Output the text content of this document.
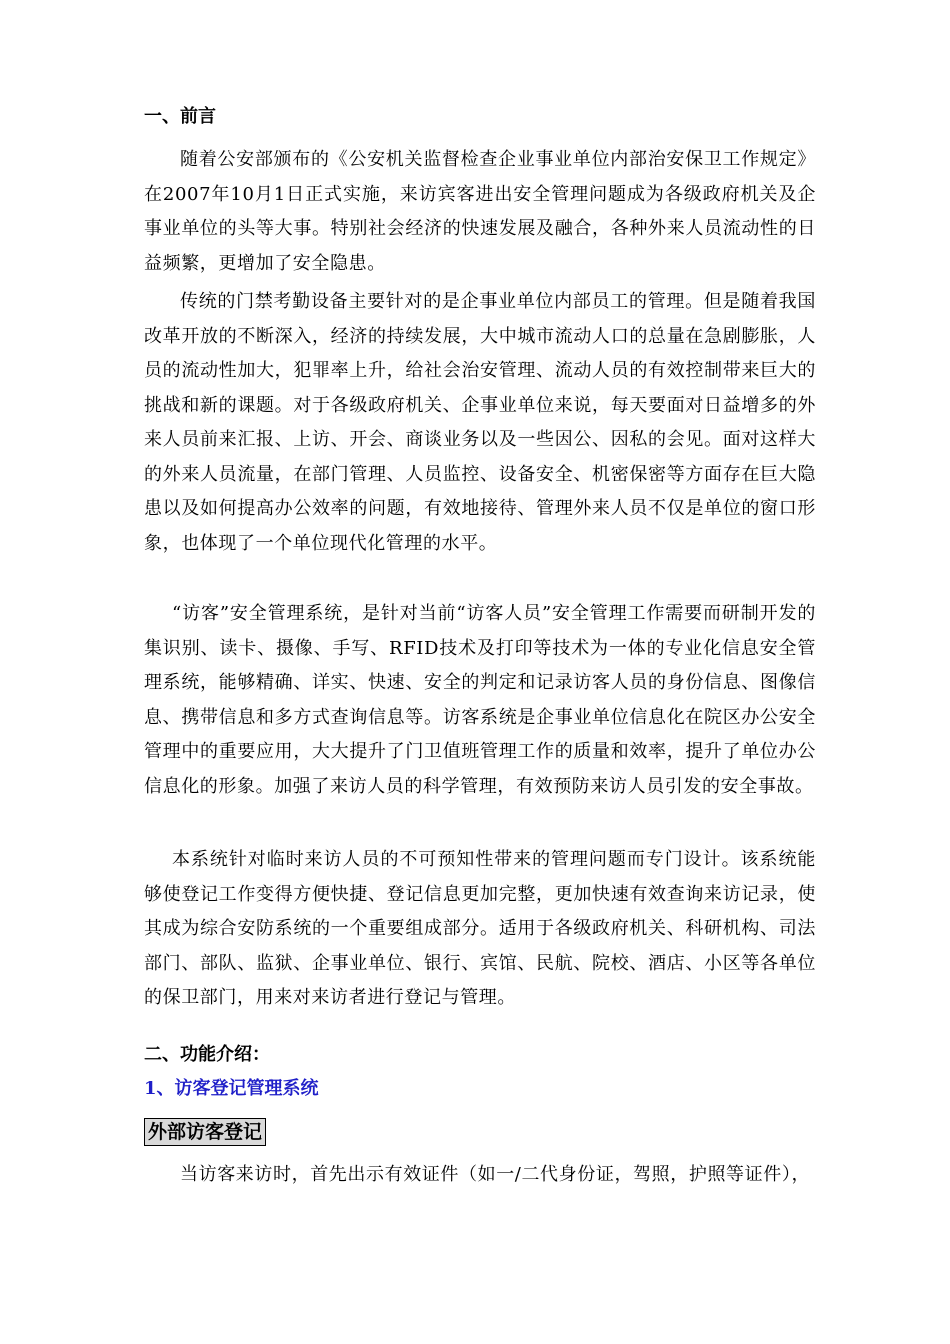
一、前言
随着公安部颁布的《公安机关监督检查企业事业单位内部治安保卫工作规定》在2007年10月1日正式实施，来访宾客进出安全管理问题成为各级政府机关及企事业单位的头等大事。特别社会经济的快速发展及融合，各种外来人员流动性的日益频繁，更增加了安全隐患。
传统的门禁考勤设备主要针对的是企事业单位内部员工的管理。但是随着我国改革开放的不断深入，经济的持续发展，大中城市流动人口的总量在急剧膨胀，人员的流动性加大，犯罪率上升，给社会治安管理、流动人员的有效控制带来巨大的挑战和新的课题。对于各级政府机关、企事业单位来说，每天要面对日益增多的外来人员前来汇报、上访、开会、商谈业务以及一些因公、因私的会见。面对这样大的外来人员流量，在部门管理、人员监控、设备安全、机密保密等方面存在巨大隐患以及如何提高办公效率的问题，有效地接待、管理外来人员不仅是单位的窗口形象，也体现了一个单位现代化管理的水平。
“访客”安全管理系统，是针对当前“访客人员”安全管理工作需要而研制开发的集识别、读卡、摄像、手写、RFID技术及打印等技术为一体的专业化信息安全管理系统，能够精确、详实、快速、安全的判定和记录访客人员的身份信息、图像信息、携带信息和多方式查询信息等。访客系统是企事业单位信息化在院区办公安全管理中的重要应用，大大提升了门卫值班管理工作的质量和效率，提升了单位办公信息化的形象。加强了来访人员的科学管理，有效预防来访人员引发的安全事故。
本系统针对临时来访人员的不可预知性带来的管理问题而专门设计。该系统能够使登记工作变得方便快捷、登记信息更加完整，更加快速有效查询来访记录，使其成为综合安防系统的一个重要组成部分。适用于各级政府机关、科研机构、司法部门、部队、监狱、企事业单位、银行、宾馆、民航、院校、酒店、小区等各单位的保卫部门，用来对来访者进行登记与管理。
二、功能介绍：
1、访客登记管理系统
外部访客登记
当访客来访时，首先出示有效证件（如一/二代身份证，驾照，护照等证件），
